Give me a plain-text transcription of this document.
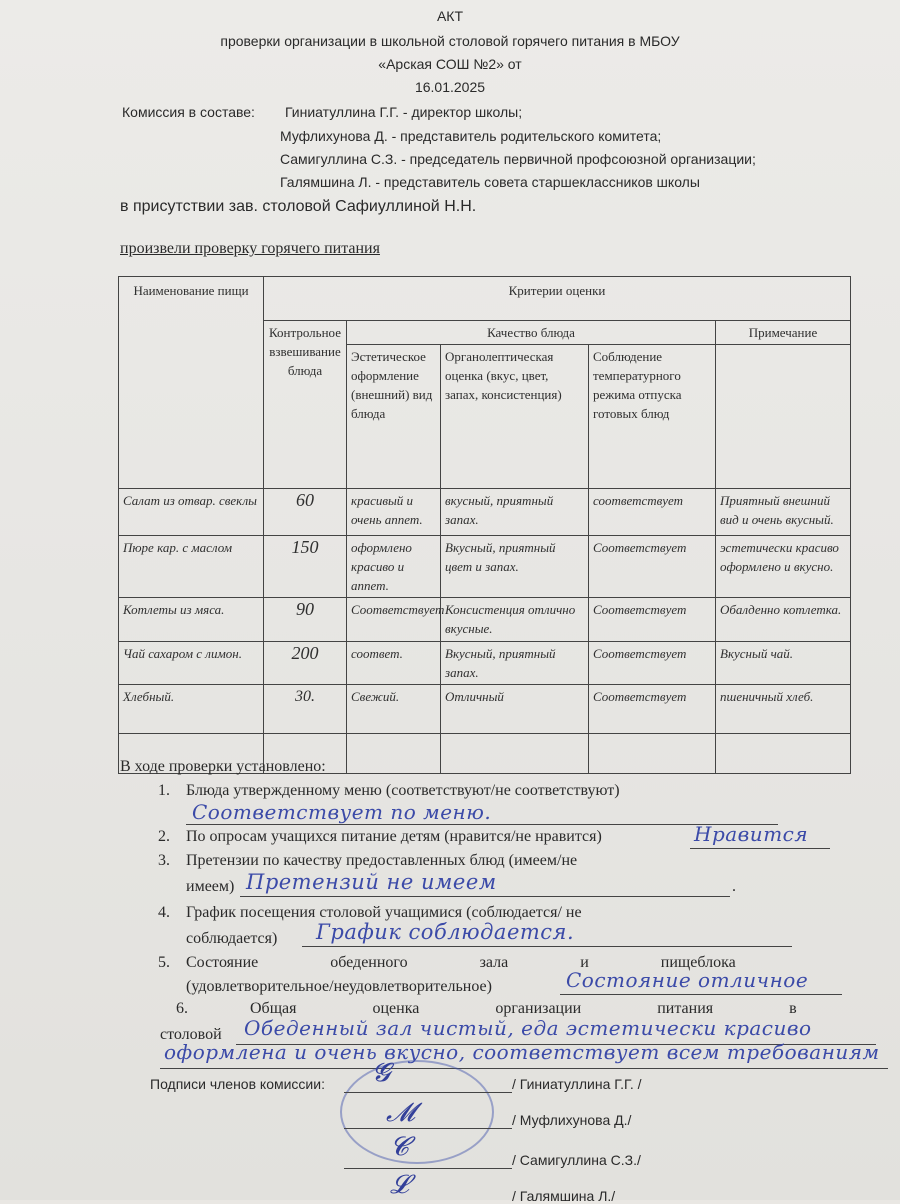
АКТ
проверки организации в школьной столовой горячего питания в МБОУ
«Арская СОШ №2» от
16.01.2025
Комиссия в составе: Гиниатуллина Г.Г. - директор школы;
Муфлихунова Д. - представитель родительского комитета;
Самигуллина С.З. - председатель первичной профсоюзной организации;
Галямшина Л. - представитель совета старшеклассников школы
в присутствии зав. столовой Сафиуллиной Н.Н.
произвели проверку горячего питания
Наименование пищи	Критерии оценки				
	Контрольное взвешивание блюда	Качество блюда			Примечание
		Эстетическое оформление (внешний) вид блюда	Органолептическая оценка (вкус, цвет, запах, консистенция)	Соблюдение температурного режима отпуска готовых блюд	
Салат из отвар. свеклы	60	красивый и очень аппет.	вкусный, приятный запах.	соответствует	Приятный внешний вид и очень вкусный.
Пюре кар. с маслом	150	оформлено красиво и аппет.	Вкусный, приятный цвет и запах.	Соответствует	эстетически красиво оформлено и вкусно.
Котлеты из мяса.	90	Соответствует	Консистенция отлично вкусные.	Соответствует	Обалденно котлетка.
Чай сахаром с лимон.	200	соответ.	Вкусный, приятный запах.	Соответствует	Вкусный чай.
Хлебный.	30.	Свежий.	Отличный	Соответствует	пшеничный хлеб.

В ходе проверки установлено:
1. Блюда утвержденному меню (соответствуют/не соответствуют)
Соответствует по меню.
2. По опросам учащихся питание детям (нравится/не нравится)	Нравится
3. Претензии по качеству предоставленных блюд (имеем/не
имеем) Претензий не имеем	.
4. График посещения столовой учащимися (соблюдается/ не
соблюдается) График соблюдается.
5. Состояние обеденного зала и пищеблока
(удовлетворительное/неудовлетворительное)	Состояние отличное
6.	Общая оценка организации питания в
столовой Обеденный зал чистый, еда эстетически красиво
оформлена и очень вкусно, соответствует всем требованиям
Подписи членов комиссии:	/ Гиниатуллина Г.Г. /
𝓖
/ Муфлихунова Д./
𝓜
/ Самигуллина С.З./
𝓒
/ Галямшина Л./
𝓛
